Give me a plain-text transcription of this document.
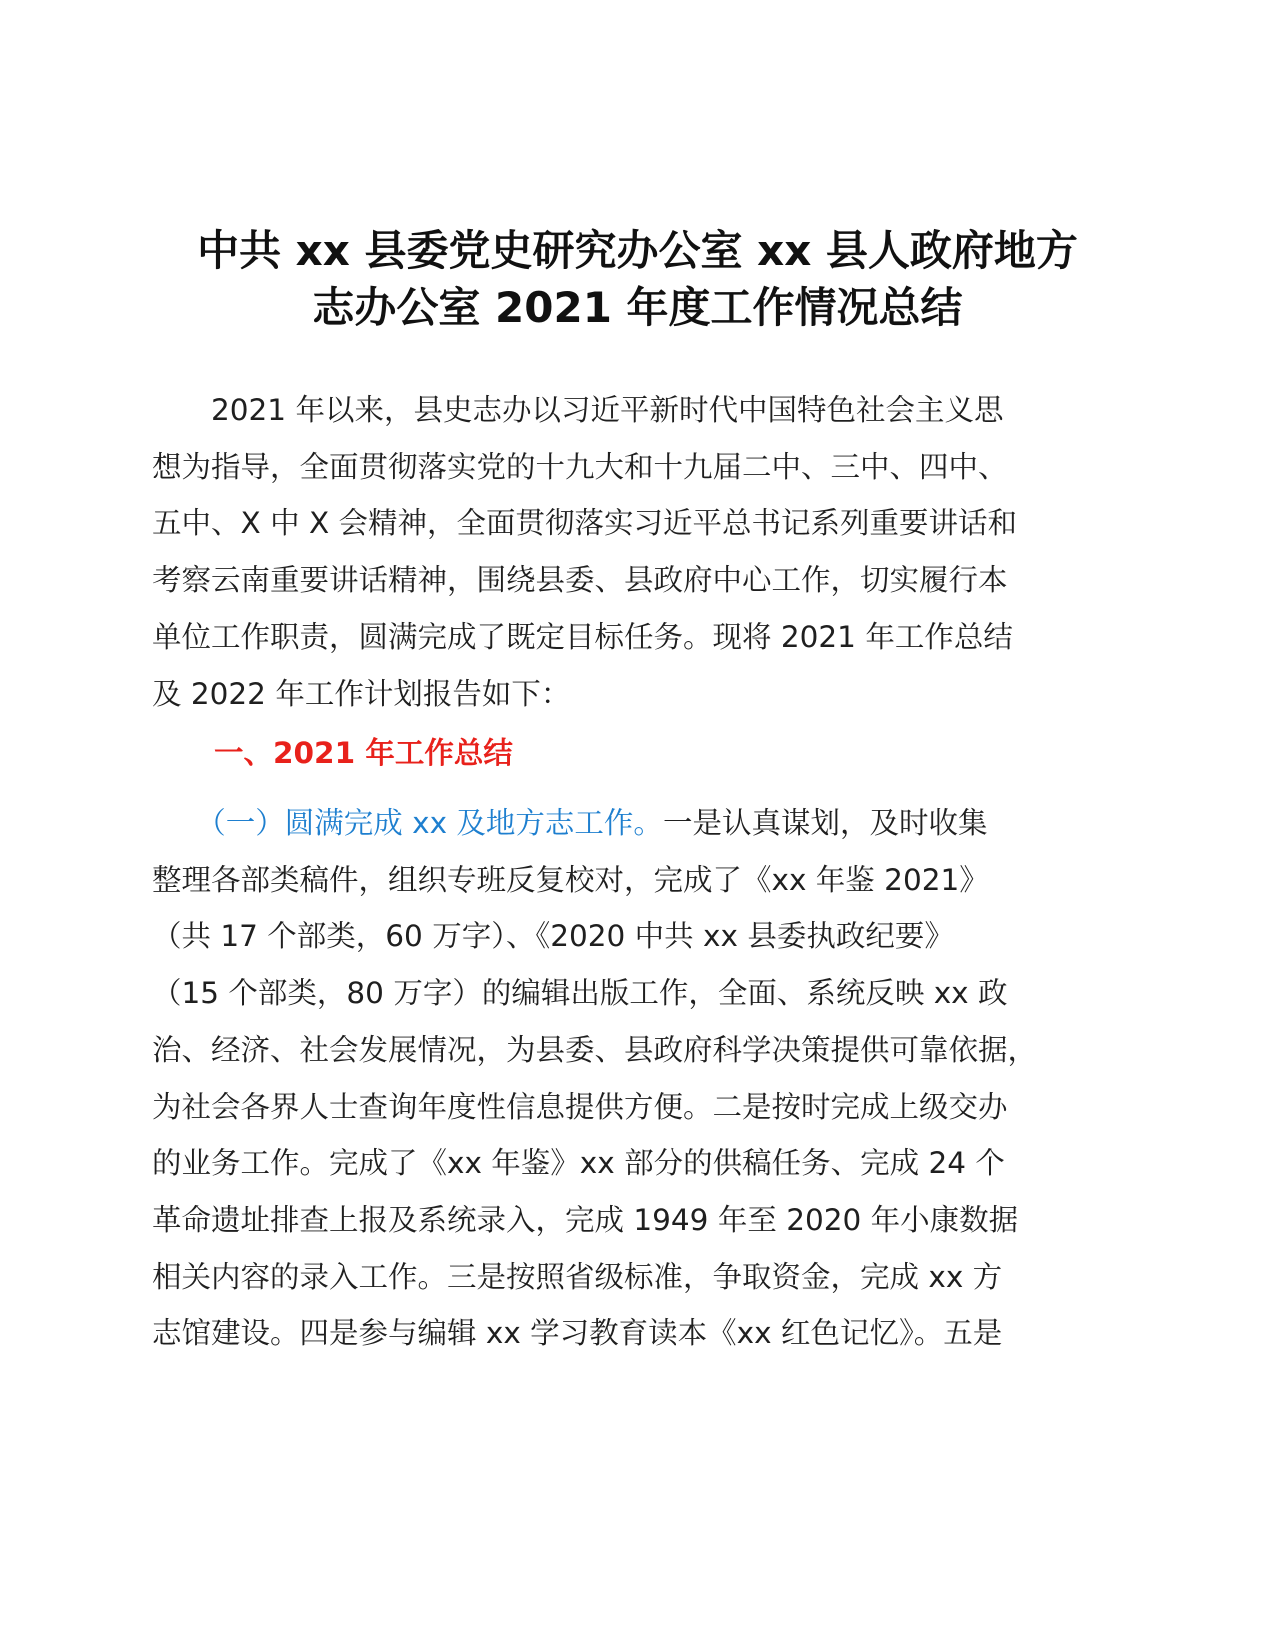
中共 xx 县委党史研究办公室 xx 县人政府地方
志办公室 2021 年度工作情况总结
　　2021 年以来，县史志办以习近平新时代中国特色社会主义思
想为指导，全面贯彻落实党的十九大和十九届二中、三中、四中、
五中、X 中 X 会精神，全面贯彻落实习近平总书记系列重要讲话和
考察云南重要讲话精神，围绕县委、县政府中心工作，切实履行本
单位工作职责，圆满完成了既定目标任务。现将 2021 年工作总结
及 2022 年工作计划报告如下：
一、2021 年工作总结
　　（一）圆满完成 xx 及地方志工作。一是认真谋划，及时收集
整理各部类稿件，组织专班反复校对，完成了《xx 年鉴 2021》
（共 17 个部类，60 万字）、《2020 中共 xx 县委执政纪要》
（15 个部类，80 万字）的编辑出版工作，全面、系统反映 xx 政
治、经济、社会发展情况，为县委、县政府科学决策提供可靠依据，
为社会各界人士查询年度性信息提供方便。二是按时完成上级交办
的业务工作。完成了《xx 年鉴》xx 部分的供稿任务、完成 24 个
革命遗址排查上报及系统录入，完成 1949 年至 2020 年小康数据
相关内容的录入工作。三是按照省级标准，争取资金，完成 xx 方
志馆建设。四是参与编辑 xx 学习教育读本《xx 红色记忆》。五是
